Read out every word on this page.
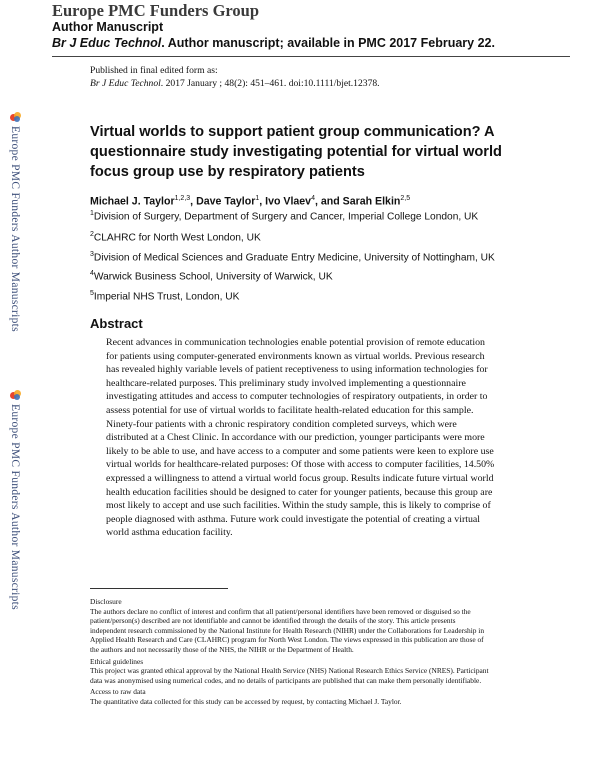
Europe PMC Funders Group
Author Manuscript
Br J Educ Technol. Author manuscript; available in PMC 2017 February 22.
Published in final edited form as:
Br J Educ Technol. 2017 January ; 48(2): 451–461. doi:10.1111/bjet.12378.
Europe PMC Funders Author Manuscripts
Europe PMC Funders Author Manuscripts
Virtual worlds to support patient group communication? A questionnaire study investigating potential for virtual world focus group use by respiratory patients
Michael J. Taylor$^{1,2,3}$, Dave Taylor$^1$, Ivo Vlaev$^4$, and Sarah Elkin$^{2,5}$
$^1$Division of Surgery, Department of Surgery and Cancer, Imperial College London, UK
$^2$CLAHRC for North West London, UK
$^3$Division of Medical Sciences and Graduate Entry Medicine, University of Nottingham, UK
$^4$Warwick Business School, University of Warwick, UK
$^5$Imperial NHS Trust, London, UK
Abstract
Recent advances in communication technologies enable potential provision of remote education
for patients using computer-generated environments known as virtual worlds. Previous research
has revealed highly variable levels of patient receptiveness to using information technologies for
healthcare-related purposes. This preliminary study involved implementing a questionnaire
investigating attitudes and access to computer technologies of respiratory outpatients, in order to
assess potential for use of virtual worlds to facilitate health-related education for this sample.
Ninety-four patients with a chronic respiratory condition completed surveys, which were
distributed at a Chest Clinic. In accordance with our prediction, younger participants were more
likely to be able to use, and have access to a computer and some patients were keen to explore use
virtual worlds for healthcare-related purposes: Of those with access to computer facilities, 14.50%
expressed a willingness to attend a virtual world focus group. Results indicate future virtual world
health education facilities should be designed to cater for younger patients, because this group are
most likely to accept and use such facilities. Within the study sample, this is likely to comprise of
people diagnosed with asthma. Future work could investigate the potential of creating a virtual
world asthma education facility.
Disclosure
The authors declare no conflict of interest and confirm that all patient/personal identifiers have been removed or disguised so the
patient/person(s) described are not identifiable and cannot be identified through the details of the story. This article presents
independent research commissioned by the National Institute for Health Research (NIHR) under the Collaborations for Leadership in
Applied Health Research and Care (CLAHRC) program for North West London. The views expressed in this publication are those of
the authors and not necessarily those of the NHS, the NIHR or the Department of Health.
Ethical guidelines
This project was granted ethical approval by the National Health Service (NHS) National Research Ethics Service (NRES). Participant
data was anonymised using numerical codes, and no details of participants are published that can make them personally identifiable.
Access to raw data
The quantitative data collected for this study can be accessed by request, by contacting Michael J. Taylor.
